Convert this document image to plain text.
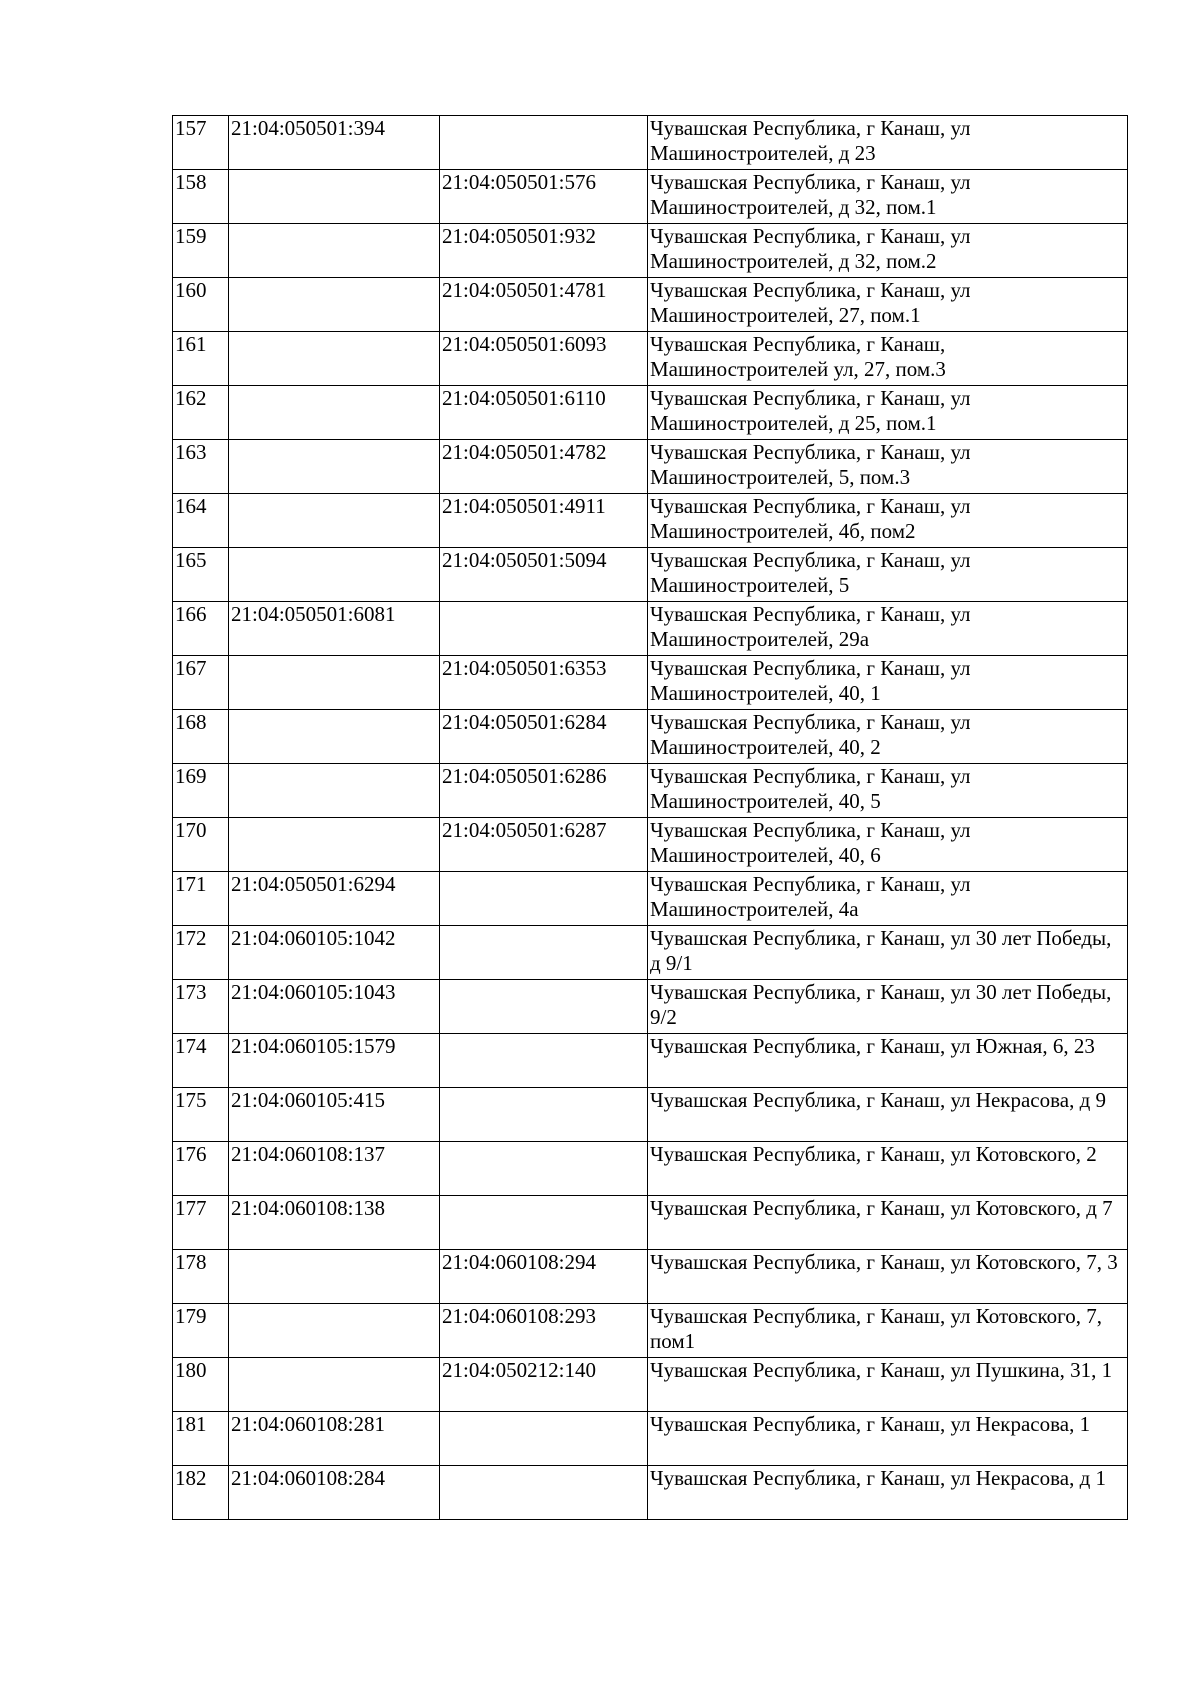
157	21:04:050501:394		Чувашская Республика, г Канаш, ул Машиностроителей, д 23
158		21:04:050501:576	Чувашская Республика, г Канаш, ул Машиностроителей, д 32, пом.1
159		21:04:050501:932	Чувашская Республика, г Канаш, ул Машиностроителей, д 32, пом.2
160		21:04:050501:4781	Чувашская Республика, г Канаш, ул Машиностроителей, 27, пом.1
161		21:04:050501:6093	Чувашская Республика, г Канаш, Машиностроителей ул, 27, пом.3
162		21:04:050501:6110	Чувашская Республика, г Канаш, ул Машиностроителей, д 25, пом.1
163		21:04:050501:4782	Чувашская Республика, г Канаш, ул Машиностроителей, 5, пом.3
164		21:04:050501:4911	Чувашская Республика, г Канаш, ул Машиностроителей, 4б, пом2
165		21:04:050501:5094	Чувашская Республика, г Канаш, ул Машиностроителей, 5
166	21:04:050501:6081		Чувашская Республика, г Канаш, ул Машиностроителей, 29а
167		21:04:050501:6353	Чувашская Республика, г Канаш, ул Машиностроителей, 40, 1
168		21:04:050501:6284	Чувашская Республика, г Канаш, ул Машиностроителей, 40, 2
169		21:04:050501:6286	Чувашская Республика, г Канаш, ул Машиностроителей, 40, 5
170		21:04:050501:6287	Чувашская Республика, г Канаш, ул Машиностроителей, 40, 6
171	21:04:050501:6294		Чувашская Республика, г Канаш, ул Машиностроителей, 4а
172	21:04:060105:1042		Чувашская Республика, г Канаш, ул 30 лет Победы, д 9/1
173	21:04:060105:1043		Чувашская Республика, г Канаш, ул 30 лет Победы, 9/2
174	21:04:060105:1579		Чувашская Республика, г Канаш, ул Южная, 6, 23
175	21:04:060105:415		Чувашская Республика, г Канаш, ул Некрасова, д 9
176	21:04:060108:137		Чувашская Республика, г Канаш, ул Котовского, 2
177	21:04:060108:138		Чувашская Республика, г Канаш, ул Котовского, д 7
178		21:04:060108:294	Чувашская Республика, г Канаш, ул Котовского, 7, 3
179		21:04:060108:293	Чувашская Республика, г Канаш, ул Котовского, 7, пом1
180		21:04:050212:140	Чувашская Республика, г Канаш, ул Пушкина, 31, 1
181	21:04:060108:281		Чувашская Республика, г Канаш, ул Некрасова, 1
182	21:04:060108:284		Чувашская Республика, г Канаш, ул Некрасова, д 1
